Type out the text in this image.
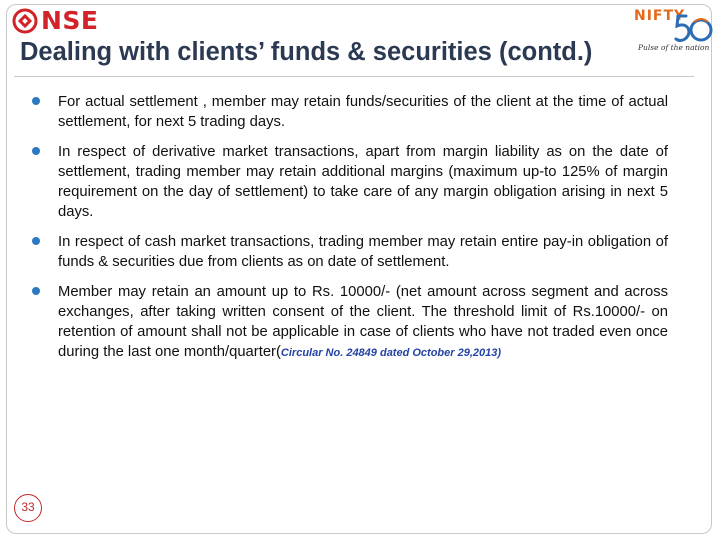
NSE	NIFTY
Pulse of the nation
Dealing with clients’ funds & securities (contd.)
For actual settlement , member may retain funds/securities of the client at the time of actual settlement, for next 5 trading days.
In respect of derivative market transactions, apart from margin liability as on the date of settlement, trading member may retain additional margins (maximum up-to 125% of margin requirement on the day of settlement) to take care of any margin obligation arising in next 5 days.
In respect of cash market transactions, trading member may retain entire pay-in obligation of funds & securities due from clients as on date of settlement.
Member may retain an amount up to Rs. 10000/- (net amount across segment and across exchanges, after taking written consent of the client. The threshold limit of Rs.10000/- on retention of amount shall not be applicable in case of clients who have not traded even once during the last one month/quarter(Circular No. 24849 dated October 29,2013)
33
